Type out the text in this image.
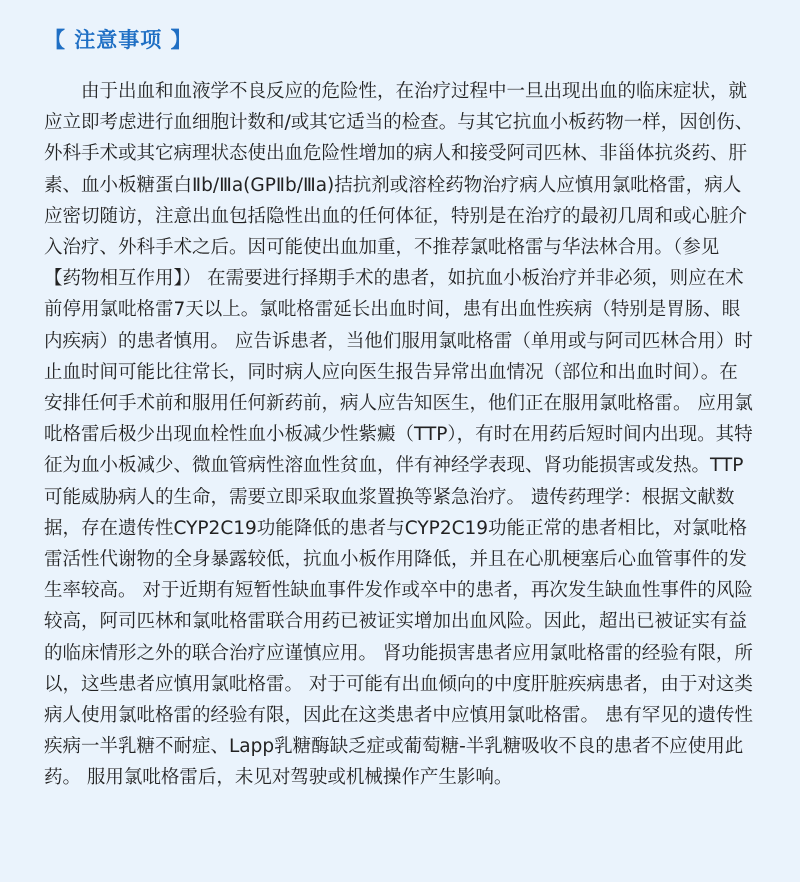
【 注意事项 】

由于出血和血液学不良反应的危险性，在治疗过程中一旦出现出血的临床症状，就应立即考虑进行血细胞计数和/或其它适当的检查。与其它抗血小板药物一样，因创伤、外科手术或其它病理状态使出血危险性增加的病人和接受阿司匹林、非甾体抗炎药、肝素、血小板糖蛋白Ⅱb/Ⅲa(GPⅡb/Ⅲa)拮抗剂或溶栓药物治疗病人应慎用氯吡格雷，病人应密切随访，注意出血包括隐性出血的任何体征，特别是在治疗的最初几周和或心脏介入治疗、外科手术之后。因可能使出血加重，不推荐氯吡格雷与华法林合用。（参见【药物相互作用】） 在需要进行择期手术的患者，如抗血小板治疗并非必须，则应在术前停用氯吡格雷7天以上。氯吡格雷延长出血时间，患有出血性疾病（特别是胃肠、眼内疾病）的患者慎用。 应告诉患者，当他们服用氯吡格雷（单用或与阿司匹林合用）时止血时间可能比往常长，同时病人应向医生报告异常出血情况（部位和出血时间）。在安排任何手术前和服用任何新药前，病人应告知医生，他们正在服用氯吡格雷。 应用氯吡格雷后极少出现血栓性血小板减少性紫癜（TTP），有时在用药后短时间内出现。其特征为血小板减少、微血管病性溶血性贫血，伴有神经学表现、肾功能损害或发热。TTP可能威胁病人的生命，需要立即采取血浆置换等紧急治疗。 遗传药理学：根据文献数据，存在遗传性CYP2C19功能降低的患者与CYP2C19功能正常的患者相比，对氯吡格雷活性代谢物的全身暴露较低，抗血小板作用降低，并且在心肌梗塞后心血管事件的发生率较高。 对于近期有短暂性缺血事件发作或卒中的患者，再次发生缺血性事件的风险较高，阿司匹林和氯吡格雷联合用药已被证实增加出血风险。因此，超出已被证实有益的临床情形之外的联合治疗应谨慎应用。 肾功能损害患者应用氯吡格雷的经验有限，所以，这些患者应慎用氯吡格雷。 对于可能有出血倾向的中度肝脏疾病患者，由于对这类病人使用氯吡格雷的经验有限，因此在这类患者中应慎用氯吡格雷。 患有罕见的遗传性疾病一半乳糖不耐症、Lapp乳糖酶缺乏症或葡萄糖-半乳糖吸收不良的患者不应使用此药。 服用氯吡格雷后，未见对驾驶或机械操作产生影响。
